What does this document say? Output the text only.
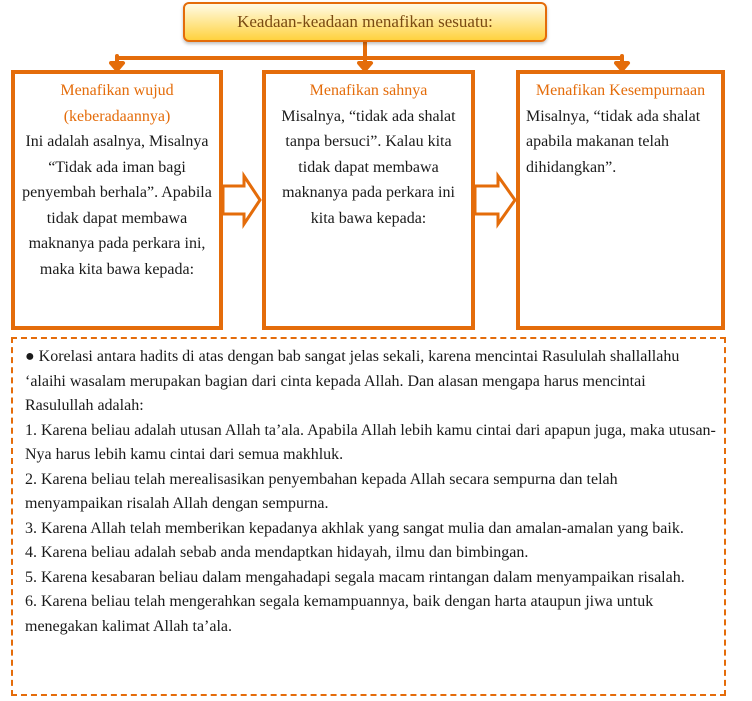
Keadaan-keadaan menafikan sesuatu:
Menafikan wujud (keberadaannya)
Ini adalah asalnya, Misalnya “Tidak ada iman bagi penyembah berhala”. Apabila tidak dapat membawa maknanya pada perkara ini, maka kita bawa kepada:
Menafikan sahnya
Misalnya, “tidak ada shalat tanpa bersuci”. Kalau kita tidak dapat membawa maknanya pada perkara ini kita bawa kepada:
Menafikan Kesempurnaan
Misalnya, “tidak ada shalat apabila makanan telah dihidangkan”.

● Korelasi antara hadits di atas dengan bab sangat jelas sekali, karena mencintai Rasululah shallallahu ‘alaihi wasalam merupakan bagian dari cinta kepada Allah. Dan alasan mengapa harus mencintai Rasulullah adalah:

1. Karena beliau adalah utusan Allah ta’ala. Apabila Allah lebih kamu cintai dari apapun juga, maka utusan-Nya harus lebih kamu cintai dari semua makhluk.

2. Karena beliau telah merealisasikan penyembahan kepada Allah secara sempurna dan telah menyampaikan risalah Allah dengan sempurna.

3. Karena Allah telah memberikan kepadanya akhlak yang sangat mulia dan amalan-amalan yang baik.

4. Karena beliau adalah sebab anda mendaptkan hidayah, ilmu dan bimbingan.

5. Karena kesabaran beliau dalam mengahadapi segala macam rintangan dalam menyampaikan risalah.

6. Karena beliau telah mengerahkan segala kemampuannya, baik dengan harta ataupun jiwa untuk menegakan kalimat Allah ta’ala.
